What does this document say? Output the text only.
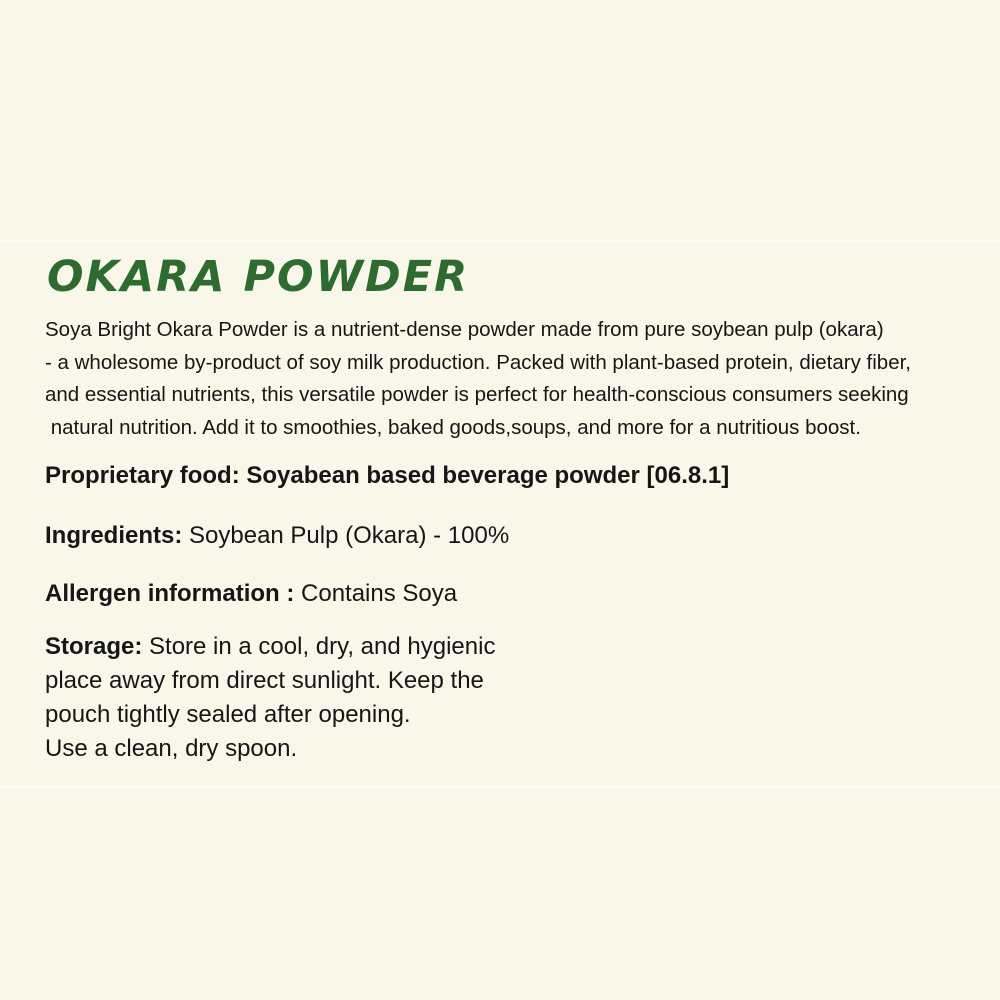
OKARA POWDER
Soya Bright Okara Powder is a nutrient-dense powder made from pure soybean pulp (okara)
- a wholesome by-product of soy milk production. Packed with plant-based protein, dietary fiber,
and essential nutrients, this versatile powder is perfect for health-conscious consumers seeking
natural nutrition. Add it to smoothies, baked goods,soups, and more for a nutritious boost.
Proprietary food: Soyabean based beverage powder [06.8.1]
Ingredients: Soybean Pulp (Okara) - 100%
Allergen information : Contains Soya
Storage: Store in a cool, dry, and hygienic
place away from direct sunlight. Keep the
pouch tightly sealed after opening.
Use a clean, dry spoon.
